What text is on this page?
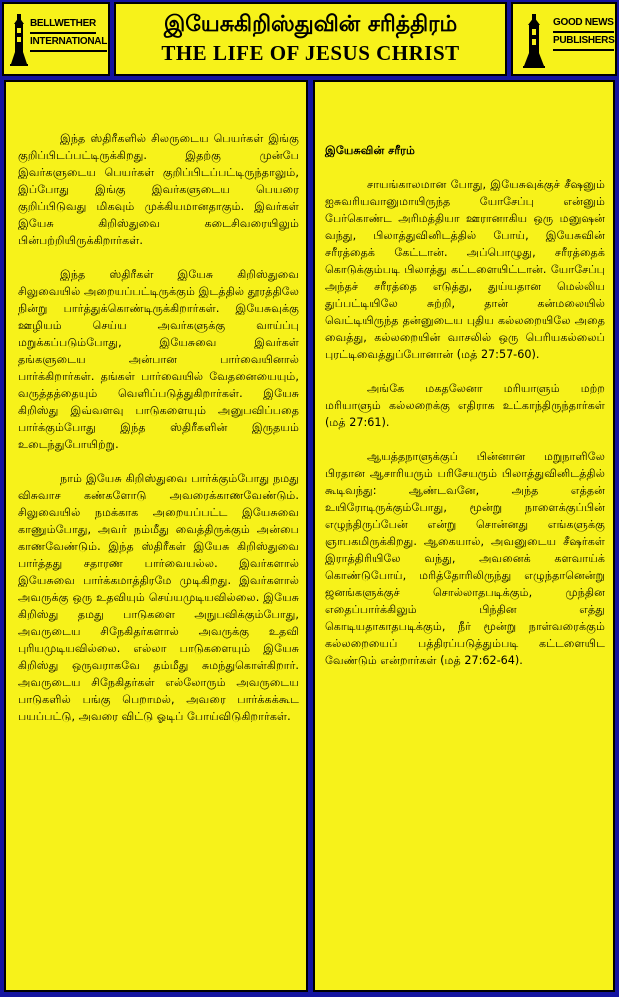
BELLWETHER
INTERNATIONAL
இயேசுகிறிஸ்துவின் சரித்திரம்
THE LIFE OF JESUS CHRIST
GOOD NEWS
PUBLISHERS

இந்த ஸ்திரீகளில் சிலருடைய பெயர்கள் இங்கு குறிப்பிடப்பட்டிருக்கிறது. இதற்கு முன்பே இவர்களுடைய பெயர்கள் குறிப்பிடப்பட்டிருந்தாலும், இப்போது இங்கு இவர்களுடைய பெயரை குறிப்பிடுவது மிகவும் முக்கியமானதாகும். இவர்கள் இயேசு கிறிஸ்துவை கடைசிவரையிலும் பின்பற்றியிருக்கிறார்கள்.

இந்த ஸ்திரீகள் இயேசு கிறிஸ்துவை சிலுவையில் அறையப்பட்டிருக்கும் இடத்தில் தூரத்திலே நின்று பார்த்துக்கொண்டிருக்கிறார்கள். இயேசுவுக்கு ஊழியம் செய்ய அவர்களுக்கு வாய்ப்பு மறுக்கப்படும்போது, இயேசுவை இவர்கள் தங்களுடைய அன்பான பார்வையினால் பார்க்கிறார்கள். தங்கள் பார்வையில் வேதனையையும், வருத்தத்தையும் வெளிப்படுத்துகிறார்கள். இயேசு கிறிஸ்து இவ்வளவு பாடுகளையும் அனுபவிப்பதை பார்க்கும்போது இந்த ஸ்திரீகளின் இருதயம் உடைந்துபோயிற்று.

நாம் இயேசு கிறிஸ்துவை பார்க்கும்போது நமது விசுவாச கண்களோடு அவரைக்காணவேண்டும். சிலுவையில் நமக்காக அறையப்பட்ட இயேசுவை காணும்போது, அவர் நம்மீது வைத்திருக்கும் அன்பை காணவேண்டும். இந்த ஸ்திரீகள் இயேசு கிறிஸ்துவை பார்த்தது சதாரண பார்வையல்ல. இவர்களால் இயேசுவை பார்க்கமாத்திரமே முடிகிறது. இவர்களால் அவருக்கு ஒரு உதவியும் செய்யமுடியவில்லை. இயேசு கிறிஸ்து தமது பாடுகளை அநுபவிக்கும்போது, அவருடைய சிநேகிதர்களால் அவருக்கு உதவி புரியமுடியவில்லை. எல்லா பாடுகளையும் இயேசு கிறிஸ்து ஒருவராகவே தம்மீது சுமந்துகொள்கிறார். அவருடைய சிநேகிதர்கள் எல்லோரும் அவருடைய பாடுகளில் பங்கு பெறாமல், அவரை பார்க்கக்கூட பயப்பட்டு, அவரை விட்டு ஓடிப் போய்விடுகிறார்கள்.

இயேசுவின் சரீரம்

சாயங்காலமான போது, இயேசுவுக்குச் சீஷனும் ஐசுவரியவானுமாயிருந்த யோசேப்பு என்னும் பேர்கொண்ட அரிமத்தியா ஊரானாகிய ஒரு மனுஷன் வந்து, பிலாத்துவினிடத்தில் போய், இயேசுவின் சரீரத்தைக் கேட்டான். அப்பொழுது, சரீரத்தைக் கொடுக்கும்படி பிலாத்து கட்டளையிட்டான். யோசேப்பு அந்தச் சரீரத்தை எடுத்து, துய்யதான மெல்லிய துப்பட்டியிலே சுற்றி, தான் கன்மலையில் வெட்டியிருந்த தன்னுடைய புதிய கல்லறையிலே அதை வைத்து, கல்லறையின் வாசலில் ஒரு பெரியகல்லைப் புரட்டிவைத்துப்போனான் (மத் 27:57-60).

அங்கே மகதலேனா மரியாளும் மற்ற மரியாளும் கல்லறைக்கு எதிராக உட்காந்திருந்தார்கள் (மத் 27:61).

ஆயத்தநாளுக்குப் பின்னான மறுநாளிலே பிரதான ஆசாரியரும் பரிசேயரும் பிலாத்துவினிடத்தில் கூடிவந்து: ஆண்டவனே, அந்த எத்தன் உயிரோடிருக்கும்போது, மூன்று நாளைக்குப்பின் எழுந்திருப்பேன் என்று சொன்னது எங்களுக்கு ஞாபகமிருக்கிறது. ஆகையால், அவனுடைய சீஷர்கள் இராத்திரியிலே வந்து, அவனைக் களவாய்க் கொண்டுபோய், மரித்தோரிலிருந்து எழுந்தானென்று ஜனங்களுக்குச் சொல்லாதபடிக்கும், முந்தின எதைப்பார்க்கிலும் பிந்தின எத்து கொடியதாகாதபடிக்கும், நீர் மூன்று நாள்வரைக்கும் கல்லறையைப் பத்திரப்படுத்தும்படி கட்டளையிட வேண்டும் என்றார்கள் (மத் 27:62-64).
